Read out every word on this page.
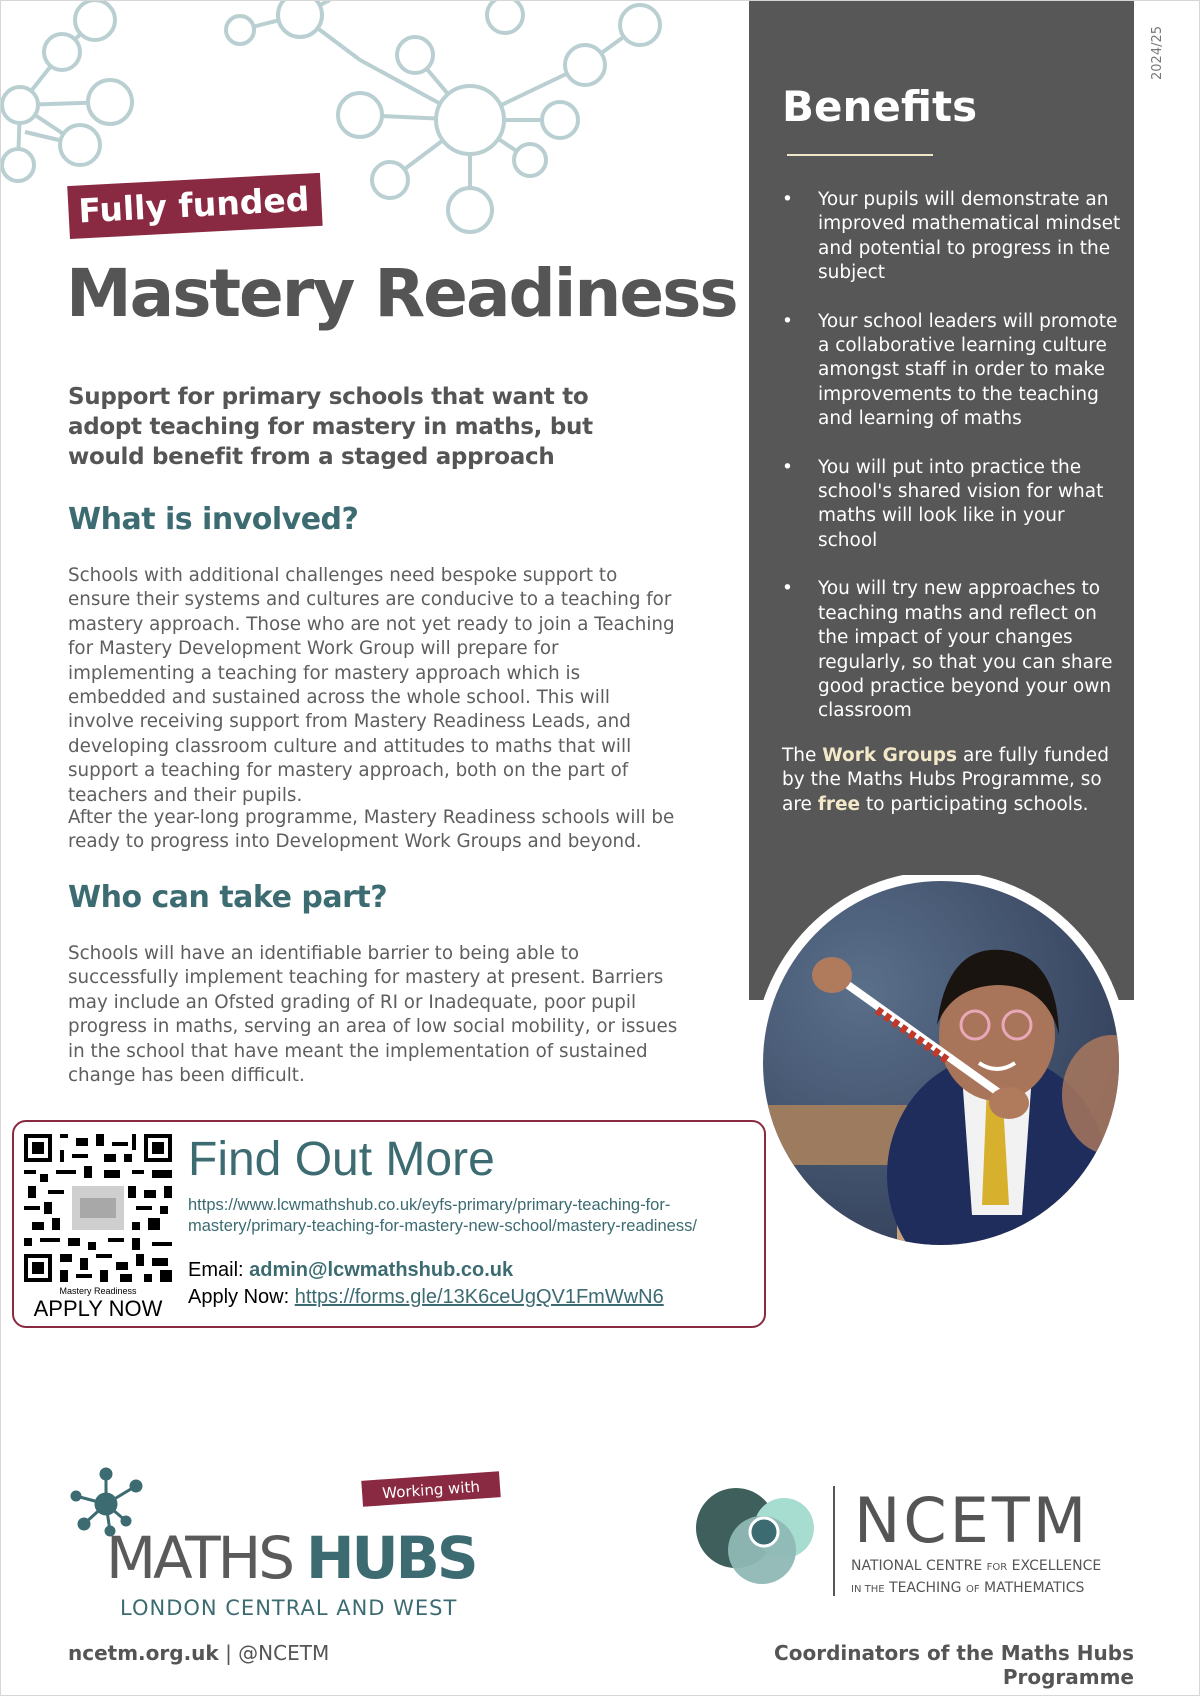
2024/25
Benefits
• Your pupils will demonstrate an improved mathematical mindset and potential to progress in the subject
• Your school leaders will promote a collaborative learning culture amongst staff in order to make improvements to the teaching and learning of maths
• You will put into practice the school's shared vision for what maths will look like in your school
• You will try new approaches to teaching maths and reflect on the impact of your changes regularly, so that you can share good practice beyond your own classroom
The Work Groups are fully funded by the Maths Hubs Programme, so are free to participating schools.
Fully funded
Mastery Readiness
Support for primary schools that want to adopt teaching for mastery in maths, but would benefit from a staged approach
What is involved?
Schools with additional challenges need bespoke support to ensure their systems and cultures are conducive to a teaching for mastery approach. Those who are not yet ready to join a Teaching for Mastery Development Work Group will prepare for implementing a teaching for mastery approach which is embedded and sustained across the whole school. This will involve receiving support from Mastery Readiness Leads, and developing classroom culture and attitudes to maths that will support a teaching for mastery approach, both on the part of teachers and their pupils.
After the year-long programme, Mastery Readiness schools will be ready to progress into Development Work Groups and beyond.
Who can take part?
Schools will have an identifiable barrier to being able to successfully implement teaching for mastery at present. Barriers may include an Ofsted grading of RI or Inadequate, poor pupil progress in maths, serving an area of low social mobility, or issues in the school that have meant the implementation of sustained change has been difficult.
Mastery Readiness
APPLY NOW
Find Out More
https://www.lcwmathshub.co.uk/eyfs-primary/primary-teaching-for-mastery/primary-teaching-for-mastery-new-school/mastery-readiness/
Email: admin@lcwmathshub.co.uk
Apply Now: https://forms.gle/13K6ceUgQV1FmWwN6
Working with
MATHS HUBS
LONDON CENTRAL AND WEST
NCETM
NATIONAL CENTRE FOR EXCELLENCE
IN THE TEACHING OF MATHEMATICS
ncetm.org.uk | @NCETM	Coordinators of the Maths Hubs Programme
